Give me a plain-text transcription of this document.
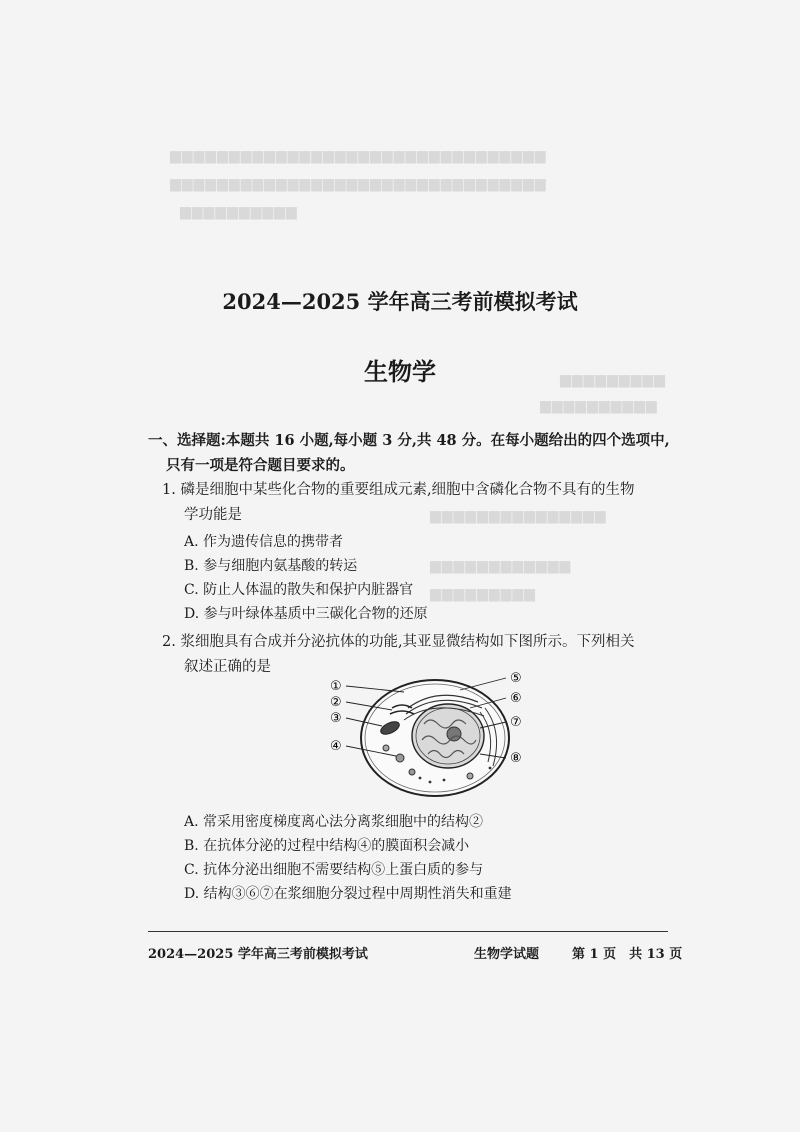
▆▆▆▆▆▆▆▆▆▆▆▆▆▆▆▆▆▆▆▆▆▆▆▆▆▆▆▆▆▆▆▆
▆▆▆▆▆▆▆▆▆▆▆▆▆▆▆▆▆▆▆▆▆▆▆▆▆▆▆▆▆▆▆▆
▆▆▆▆▆▆▆▆▆▆
▆▆▆▆▆▆▆▆▆
▆▆▆▆▆▆▆▆▆▆
▆▆▆▆▆▆▆▆▆▆▆▆▆▆▆
▆▆▆▆▆▆▆▆▆▆▆▆
▆▆▆▆▆▆▆▆▆
2024—2025 学年高三考前模拟考试
生物学
一、选择题:本题共 16 小题,每小题 3 分,共 48 分。在每小题给出的四个选项中,
只有一项是符合题目要求的。
1. 磷是细胞中某些化合物的重要组成元素,细胞中含磷化合物不具有的生物
学功能是
A. 作为遗传信息的携带者
B. 参与细胞内氨基酸的转运
C. 防止人体温的散失和保护内脏器官
D. 参与叶绿体基质中三碳化合物的还原
2. 浆细胞具有合成并分泌抗体的功能,其亚显微结构如下图所示。下列相关
叙述正确的是
①
②
③
④
⑤
⑥
⑦
⑧
A. 常采用密度梯度离心法分离浆细胞中的结构②
B. 在抗体分泌的过程中结构④的膜面积会减小
C. 抗体分泌出细胞不需要结构⑤上蛋白质的参与
D. 结构③⑥⑦在浆细胞分裂过程中周期性消失和重建
2024—2025 学年高三考前模拟考试	生物学试题	第 1 页　共 13 页
